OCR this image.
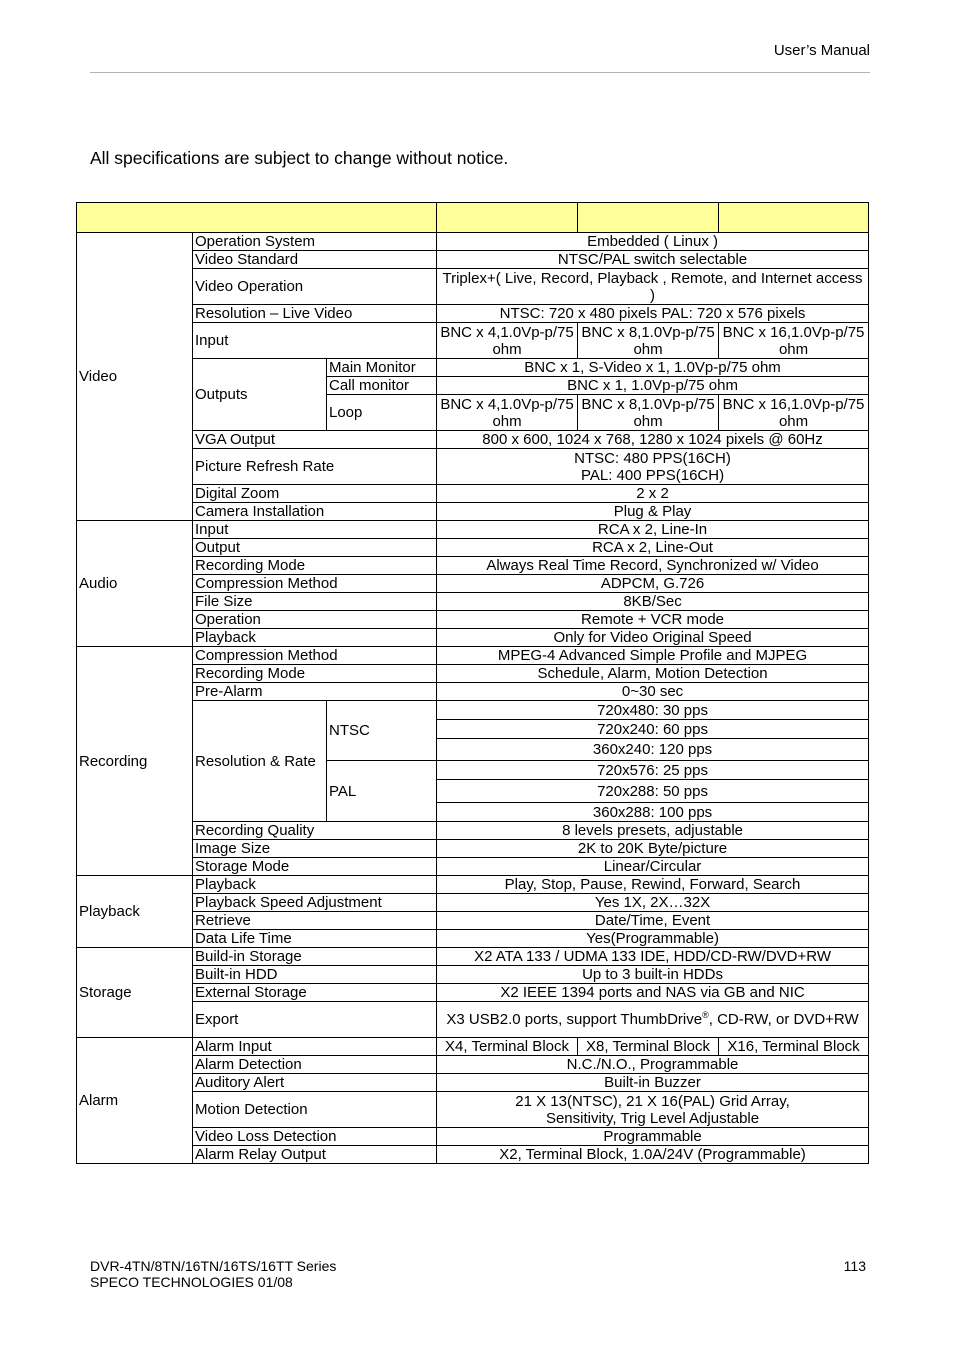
User’s Manual
All specifications are subject to change without notice.

Video	Operation System		Embedded ( Linux )		
	Video Standard		NTSC/PAL switch selectable		
	Video Operation		Triplex+( Live, Record, Playback , Remote, and Internet access )		
	Resolution – Live Video		NTSC: 720 x 480 pixels PAL: 720 x 576 pixels		
	Input		BNC x 4,1.0Vp-p/75 ohm	BNC x 8,1.0Vp-p/75 ohm	BNC x 16,1.0Vp-p/75 ohm
	Outputs	Main Monitor	BNC x 1, S-Video x 1, 1.0Vp-p/75 ohm		
		Call monitor	BNC x 1, 1.0Vp-p/75 ohm		
		Loop	BNC x 4,1.0Vp-p/75 ohm	BNC x 8,1.0Vp-p/75 ohm	BNC x 16,1.0Vp-p/75 ohm
	VGA Output		800 x 600, 1024 x 768, 1280 x 1024 pixels @ 60Hz		
	Picture Refresh Rate		NTSC: 480 PPS(16CH)
PAL: 400 PPS(16CH)		
	Digital Zoom		2 x 2		
	Camera Installation		Plug & Play		
Audio	Input		RCA x 2, Line-In		
	Output		RCA x 2, Line-Out		
	Recording Mode		Always Real Time Record, Synchronized w/ Video		
	Compression Method		ADPCM, G.726		
	File Size		8KB/Sec		
	Operation		Remote + VCR mode		
	Playback		Only for Video Original Speed		
Recording	Compression Method		MPEG-4 Advanced Simple Profile and MJPEG		
	Recording Mode		Schedule, Alarm, Motion Detection		
	Pre-Alarm		0~30 sec		
	Resolution & Rate	NTSC	720x480: 30 pps		
			720x240: 60 pps		
			360x240: 120 pps		
		PAL	720x576: 25 pps		
			720x288: 50 pps		
			360x288: 100 pps		
	Recording Quality		8 levels presets, adjustable		
	Image Size		2K to 20K Byte/picture		
	Storage Mode		Linear/Circular		
Playback	Playback		Play, Stop, Pause, Rewind, Forward, Search		
	Playback Speed Adjustment		Yes 1X, 2X…32X		
	Retrieve		Date/Time, Event		
	Data Life Time		Yes(Programmable)		
Storage	Build-in Storage		X2 ATA 133 / UDMA 133 IDE, HDD/CD-RW/DVD+RW		
	Built-in HDD		Up to 3 built-in HDDs		
	External Storage		X2 IEEE 1394 ports and NAS via GB and NIC		
	Export		X3 USB2.0 ports, support ThumbDrive®, CD-RW, or DVD+RW		
Alarm	Alarm Input		X4, Terminal Block	X8, Terminal Block	X16, Terminal Block
	Alarm Detection		N.C./N.O., Programmable		
	Auditory Alert		Built-in Buzzer		
	Motion Detection		21 X 13(NTSC), 21 X 16(PAL) Grid Array,
Sensitivity, Trig Level Adjustable		
	Video Loss Detection		Programmable		
	Alarm Relay Output		X2, Terminal Block, 1.0A/24V (Programmable)		
DVR-4TN/8TN/16TN/16TS/16TT Series
SPECO TECHNOLOGIES 01/08
113
